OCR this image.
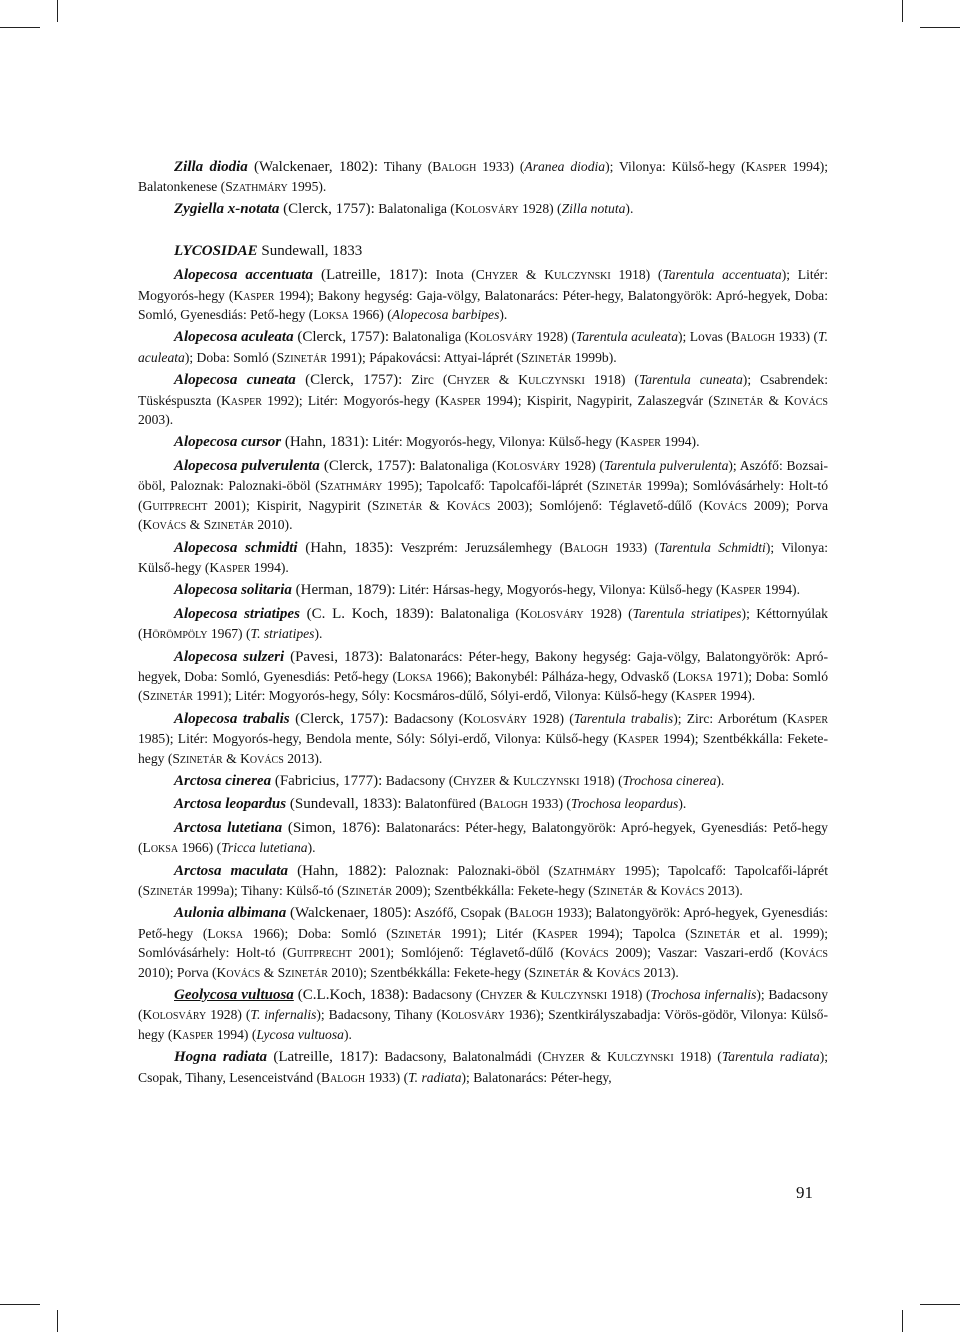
Zilla diodia (Walckenaer, 1802): Tihany (Balogh 1933) (Aranea diodia); Vilonya: Külső-hegy (Kasper 1994); Balatonkenese (Szathmáry 1995).

Zygiella x-notata (Clerck, 1757): Balatonaliga (Kolosváry 1928) (Zilla notuta).

LYCOSIDAE Sundewall, 1833

Alopecosa accentuata (Latreille, 1817): Inota (Chyzer & Kulczynski 1918) (Tarentula accentuata); Litér: Mogyorós-hegy (Kasper 1994); Bakony hegység: Gaja-völgy, Balatonarács: Péter-hegy, Balatongyörök: Apró-hegyek, Doba: Somló, Gyenesdiás: Pető-hegy (Loksa 1966) (Alopecosa barbipes).

Alopecosa aculeata (Clerck, 1757): Balatonaliga (Kolosváry 1928) (Tarentula aculeata); Lovas (Balogh 1933) (T. aculeata); Doba: Somló (Szinetár 1991); Pápakovácsi: Attyai-láprét (Szinetár 1999b).

Alopecosa cuneata (Clerck, 1757): Zirc (Chyzer & Kulczynski 1918) (Tarentula cuneata); Csabrendek: Tüskéspuszta (Kasper 1992); Litér: Mogyorós-hegy (Kasper 1994); Kispirit, Nagypirit, Zalaszegvár (Szinetár & Kovács 2003).

Alopecosa cursor (Hahn, 1831): Litér: Mogyorós-hegy, Vilonya: Külső-hegy (Kasper 1994).

Alopecosa pulverulenta (Clerck, 1757): Balatonaliga (Kolosváry 1928) (Tarentula pulverulenta); Aszófő: Bozsai-öböl, Paloznak: Paloznaki-öböl (Szathmáry 1995); Tapolcafő: Tapolcafői-láprét (Szinetár 1999a); Somlóvásárhely: Holt-tó (Guitprecht 2001); Kispirit, Nagypirit (Szinetár & Kovács 2003); Somlójenő: Téglavető-dűlő (Kovács 2009); Porva (Kovács & Szinetár 2010).

Alopecosa schmidti (Hahn, 1835): Veszprém: Jeruzsálemhegy (Balogh 1933) (Tarentula Schmidti); Vilonya: Külső-hegy (Kasper 1994).

Alopecosa solitaria (Herman, 1879): Litér: Hársas-hegy, Mogyorós-hegy, Vilonya: Külső-hegy (Kasper 1994).

Alopecosa striatipes (C. L. Koch, 1839): Balatonaliga (Kolosváry 1928) (Tarentula striatipes); Kéttornyúlak (Hörömpöly 1967) (T. striatipes).

Alopecosa sulzeri (Pavesi, 1873): Balatonarács: Péter-hegy, Bakony hegység: Gaja-völgy, Balatongyörök: Apró-hegyek, Doba: Somló, Gyenesdiás: Pető-hegy (Loksa 1966); Bakonybél: Pálháza-hegy, Odvaskő (Loksa 1971); Doba: Somló (Szinetár 1991); Litér: Mogyorós-hegy, Sóly: Kocsmáros-dűlő, Sólyi-erdő, Vilonya: Külső-hegy (Kasper 1994).

Alopecosa trabalis (Clerck, 1757): Badacsony (Kolosváry 1928) (Tarentula trabalis); Zirc: Arborétum (Kasper 1985); Litér: Mogyorós-hegy, Bendola mente, Sóly: Sólyi-erdő, Vilonya: Külső-hegy (Kasper 1994); Szentbékkálla: Fekete-hegy (Szinetár & Kovács 2013).

Arctosa cinerea (Fabricius, 1777): Badacsony (Chyzer & Kulczynski 1918) (Trochosa cinerea).

Arctosa leopardus (Sundevall, 1833): Balatonfüred (Balogh 1933) (Trochosa leopardus).

Arctosa lutetiana (Simon, 1876): Balatonarács: Péter-hegy, Balatongyörök: Apró-hegyek, Gyenesdiás: Pető-hegy (Loksa 1966) (Tricca lutetiana).

Arctosa maculata (Hahn, 1882): Paloznak: Paloznaki-öböl (Szathmáry 1995); Tapolcafő: Tapolcafői-láprét (Szinetár 1999a); Tihany: Külső-tó (Szinetár 2009); Szentbékkálla: Fekete-hegy (Szinetár & Kovács 2013).

Aulonia albimana (Walckenaer, 1805): Aszófő, Csopak (Balogh 1933); Balatongyörök: Apró-hegyek, Gyenesdiás: Pető-hegy (Loksa 1966); Doba: Somló (Szinetár 1991); Litér (Kasper 1994); Tapolca (Szinetár et al. 1999); Somlóvásárhely: Holt-tó (Guitprecht 2001); Somlójenő: Téglavető-dűlő (Kovács 2009); Vaszar: Vaszari-erdő (Kovács 2010); Porva (Kovács & Szinetár 2010); Szentbékkálla: Fekete-hegy (Szinetár & Kovács 2013).

Geolycosa vultuosa (C.L.Koch, 1838): Badacsony (Chyzer & Kulczynski 1918) (Trochosa infernalis); Badacsony (Kolosváry 1928) (T. infernalis); Badacsony, Tihany (Kolosváry 1936); Szentkirályszabadja: Vörös-gödör, Vilonya: Külső-hegy (Kasper 1994) (Lycosa vultuosa).

Hogna radiata (Latreille, 1817): Badacsony, Balatonalmádi (Chyzer & Kulczynski 1918) (Tarentula radiata); Csopak, Tihany, Lesenceistvánd (Balogh 1933) (T. radiata); Balatonarács: Péter-hegy,

91
